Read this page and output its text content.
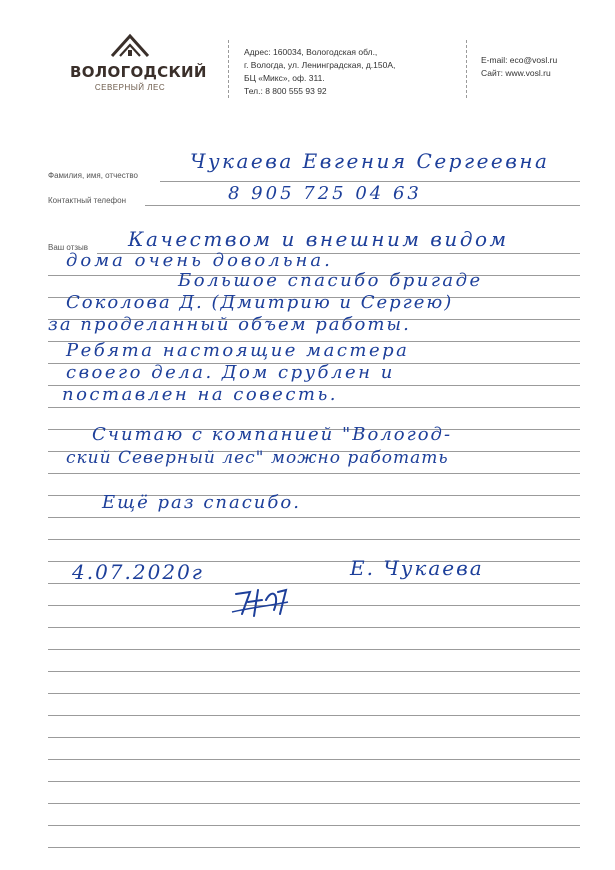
ВОЛОГОДСКИЙ
СЕВЕРНЫЙ ЛЕС
Адрес: 160034, Вологодская обл.,
г. Вологда, ул. Ленинградская, д.150А,
БЦ «Микс», оф. 311.
Тел.: 8 800 555 93 92
E-mail: eco@vosl.ru
Сайт: www.vosl.ru
Фамилия, имя, отчество
Контактный телефон
Ваш отзыв
Чукаева Евгения Сергеевна
8 905 725 04 63
Качеством и внешним видом
дома очень довольна.
Большое спасибо бригаде
Соколова Д. (Дмитрию и Сергею)
за проделанный объем работы.
Ребята настоящие мастера
своего дела. Дом срублен и
поставлен на совесть.
Считаю с компанией "Вологод-
ский Северный лес" можно работать
Ещё раз спасибо.
4.07.2020г	Е. Чукаева
